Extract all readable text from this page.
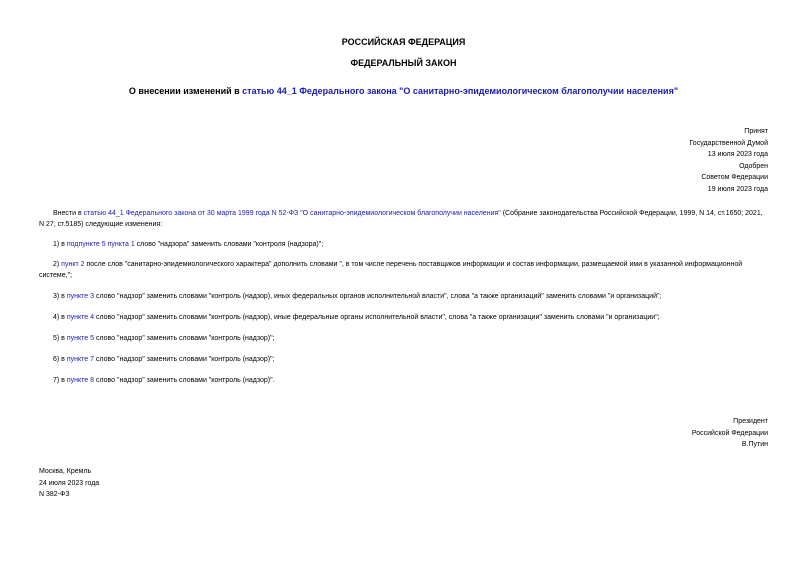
РОССИЙСКАЯ ФЕДЕРАЦИЯ
ФЕДЕРАЛЬНЫЙ ЗАКОН
О внесении изменений в статью 44_1 Федерального закона "О санитарно-эпидемиологическом благополучии населения"
Принят
Государственной Думой
13 июля 2023 года
Одобрен
Советом Федерации
19 июля 2023 года
Внести в статью 44_1 Федерального закона от 30 марта 1999 года N 52-ФЗ "О санитарно-эпидемиологическом благополучии населения" (Собрание законодательства Российской Федерации, 1999, N 14, ст.1650; 2021, N 27, ст.5185) следующие изменения:
1) в подпункте 5 пункта 1 слово "надзора" заменить словами "контроля (надзора)";
2) пункт 2 после слов "санитарно-эпидемиологического характера" дополнить словами ", в том числе перечень поставщиков информации и состав информации, размещаемой ими в указанной информационной системе,";
3) в пункте 3 слово "надзор" заменить словами "контроль (надзор), иных федеральных органов исполнительной власти", слова "а также организаций" заменить словами "и организаций";
4) в пункте 4 слово "надзор" заменить словами "контроль (надзор), иные федеральные органы исполнительной власти", слова "а также организации" заменить словами "и организации";
5) в пункте 5 слово "надзор" заменить словами "контроль (надзор)";
6) в пункте 7 слово "надзор" заменить словами "контроль (надзор)";
7) в пункте 8 слово "надзор" заменить словами "контроль (надзор)".
Президент
Российской Федерации
В.Путин
Москва, Кремль
24 июля 2023 года
N 382-ФЗ
